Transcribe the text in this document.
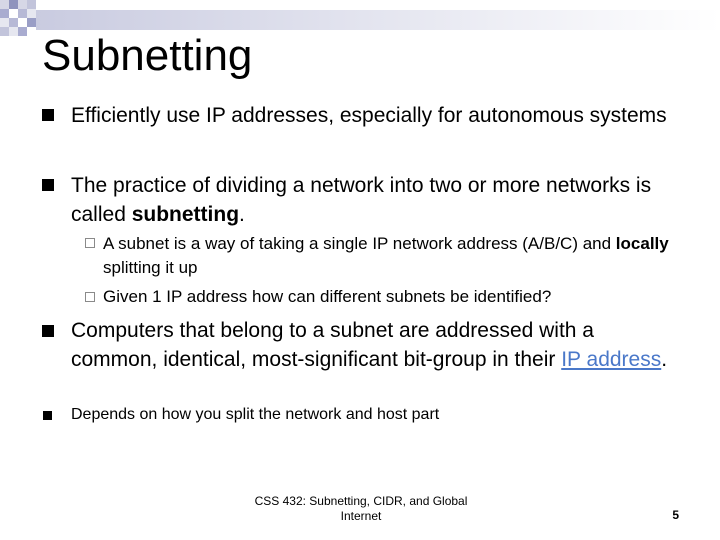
Subnetting

Efficiently use IP addresses, especially for autonomous systems

The practice of dividing a network into two or more networks is called subnetting.

A subnet is a way of taking a single IP network address (A/B/C) and locally splitting it up

Given 1 IP address how can different subnets be identified?

Computers that belong to a subnet are addressed with a common, identical, most-significant bit-group in their IP address.

Depends on how you split the network and host part

CSS 432: Subnetting, CIDR, and Global Internet	5
